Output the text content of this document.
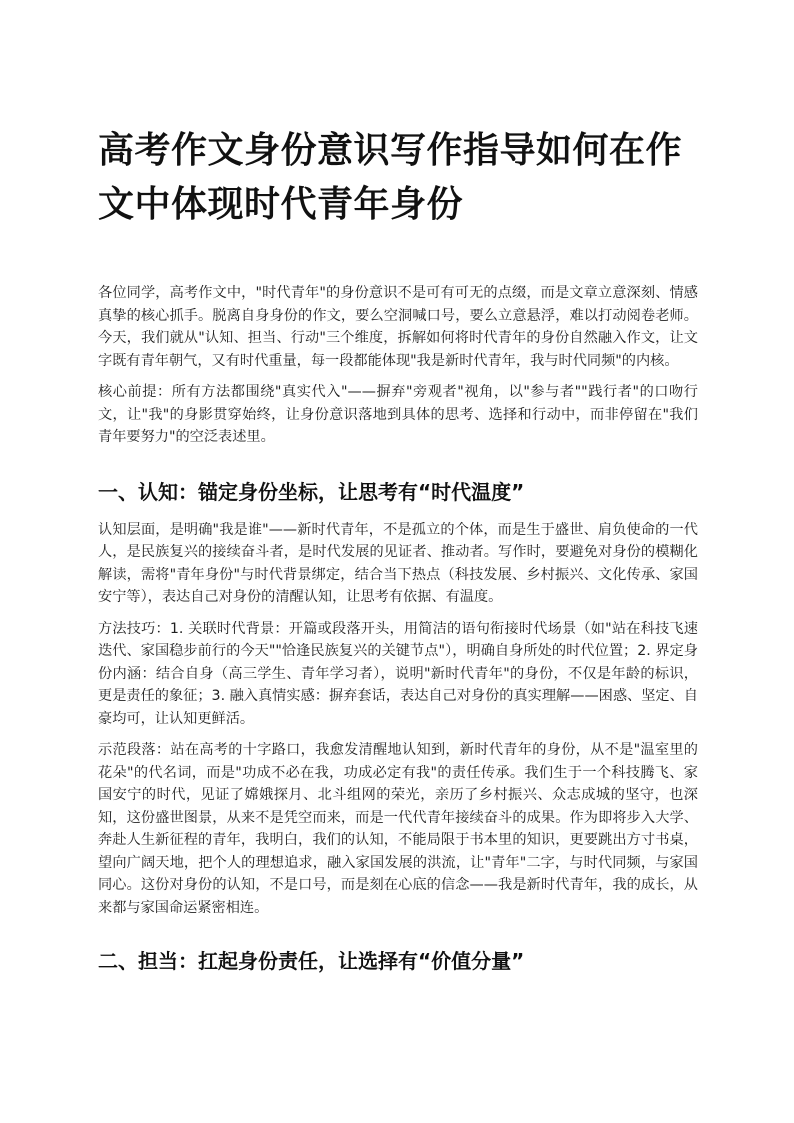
高考作文身份意识写作指导如何在作文中体现时代青年身份

各位同学，高考作文中，"时代青年"的身份意识不是可有可无的点缀，而是文章立意深刻、情感真挚的核心抓手。脱离自身身份的作文，要么空洞喊口号，要么立意悬浮，难以打动阅卷老师。今天，我们就从"认知、担当、行动"三个维度，拆解如何将时代青年的身份自然融入作文，让文字既有青年朝气，又有时代重量，每一段都能体现"我是新时代青年，我与时代同频"的内核。

核心前提：所有方法都围绕"真实代入"——摒弃"旁观者"视角，以"参与者""践行者"的口吻行文，让"我"的身影贯穿始终，让身份意识落地到具体的思考、选择和行动中，而非停留在"我们青年要努力"的空泛表述里。

一、认知：锚定身份坐标，让思考有“时代温度”

认知层面，是明确"我是谁"——新时代青年，不是孤立的个体，而是生于盛世、肩负使命的一代人，是民族复兴的接续奋斗者，是时代发展的见证者、推动者。写作时，要避免对身份的模糊化解读，需将"青年身份"与时代背景绑定，结合当下热点（科技发展、乡村振兴、文化传承、家国安宁等），表达自己对身份的清醒认知，让思考有依据、有温度。

方法技巧：1. 关联时代背景：开篇或段落开头，用简洁的语句衔接时代场景（如"站在科技飞速迭代、家国稳步前行的今天""恰逢民族复兴的关键节点"），明确自身所处的时代位置；2. 界定身份内涵：结合自身（高三学生、青年学习者），说明"新时代青年"的身份，不仅是年龄的标识，更是责任的象征；3. 融入真情实感：摒弃套话，表达自己对身份的真实理解——困惑、坚定、自豪均可，让认知更鲜活。

示范段落：站在高考的十字路口，我愈发清醒地认知到，新时代青年的身份，从不是"温室里的花朵"的代名词，而是"功成不必在我，功成必定有我"的责任传承。我们生于一个科技腾飞、家国安宁的时代，见证了嫦娥探月、北斗组网的荣光，亲历了乡村振兴、众志成城的坚守，也深知，这份盛世图景，从来不是凭空而来，而是一代代青年接续奋斗的成果。作为即将步入大学、奔赴人生新征程的青年，我明白，我们的认知，不能局限于书本里的知识，更要跳出方寸书桌，望向广阔天地，把个人的理想追求，融入家国发展的洪流，让"青年"二字，与时代同频，与家国同心。这份对身份的认知，不是口号，而是刻在心底的信念——我是新时代青年，我的成长，从来都与家国命运紧密相连。

二、担当：扛起身份责任，让选择有“价值分量”
